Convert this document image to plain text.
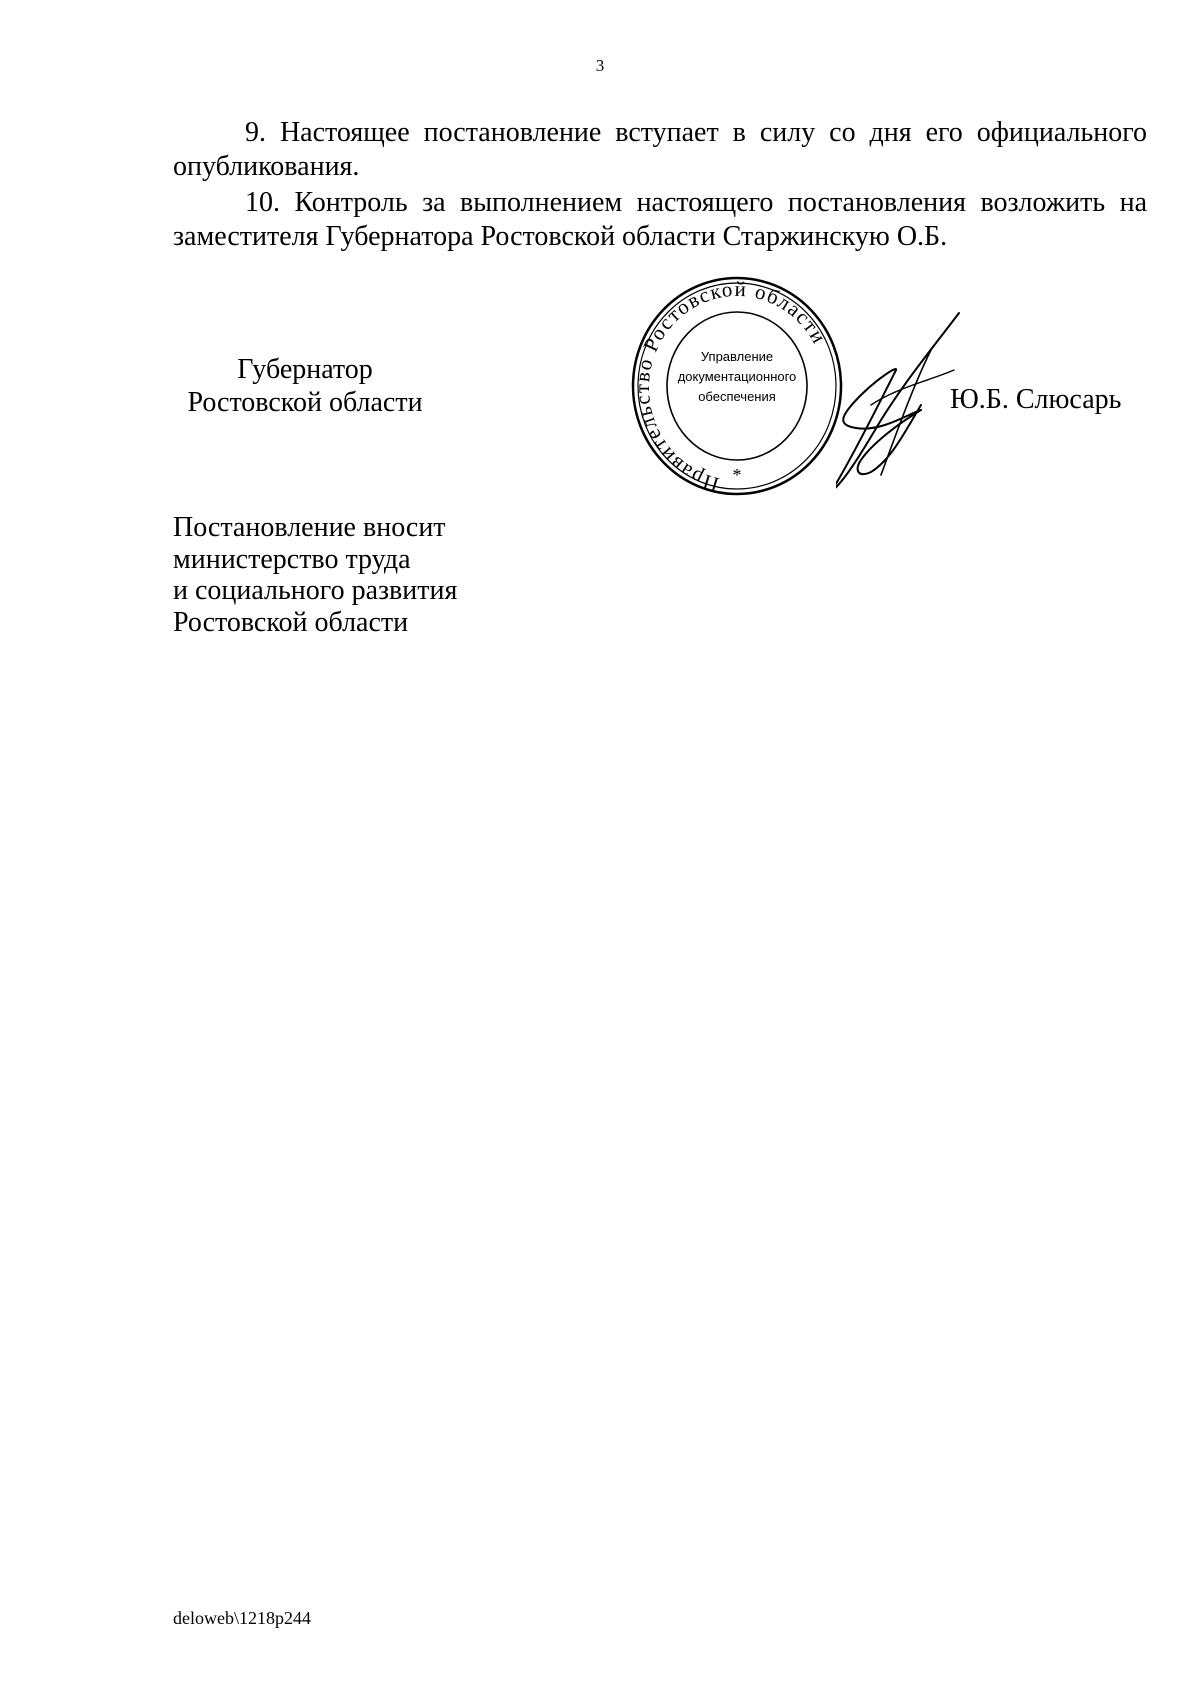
3
9. Настоящее постановление вступает в силу со дня его официального опубликования.
10. Контроль за выполнением настоящего постановления возложить на заместителя Губернатора Ростовской области Старжинскую О.Б.
Губернатор
Ростовской области
Правительство Ростовской области
Управление
документационного
обеспечения
*
Ю.Б. Слюсарь
Постановление вносит
министерство труда
и социального развития
Ростовской области
deloweb\1218p244
